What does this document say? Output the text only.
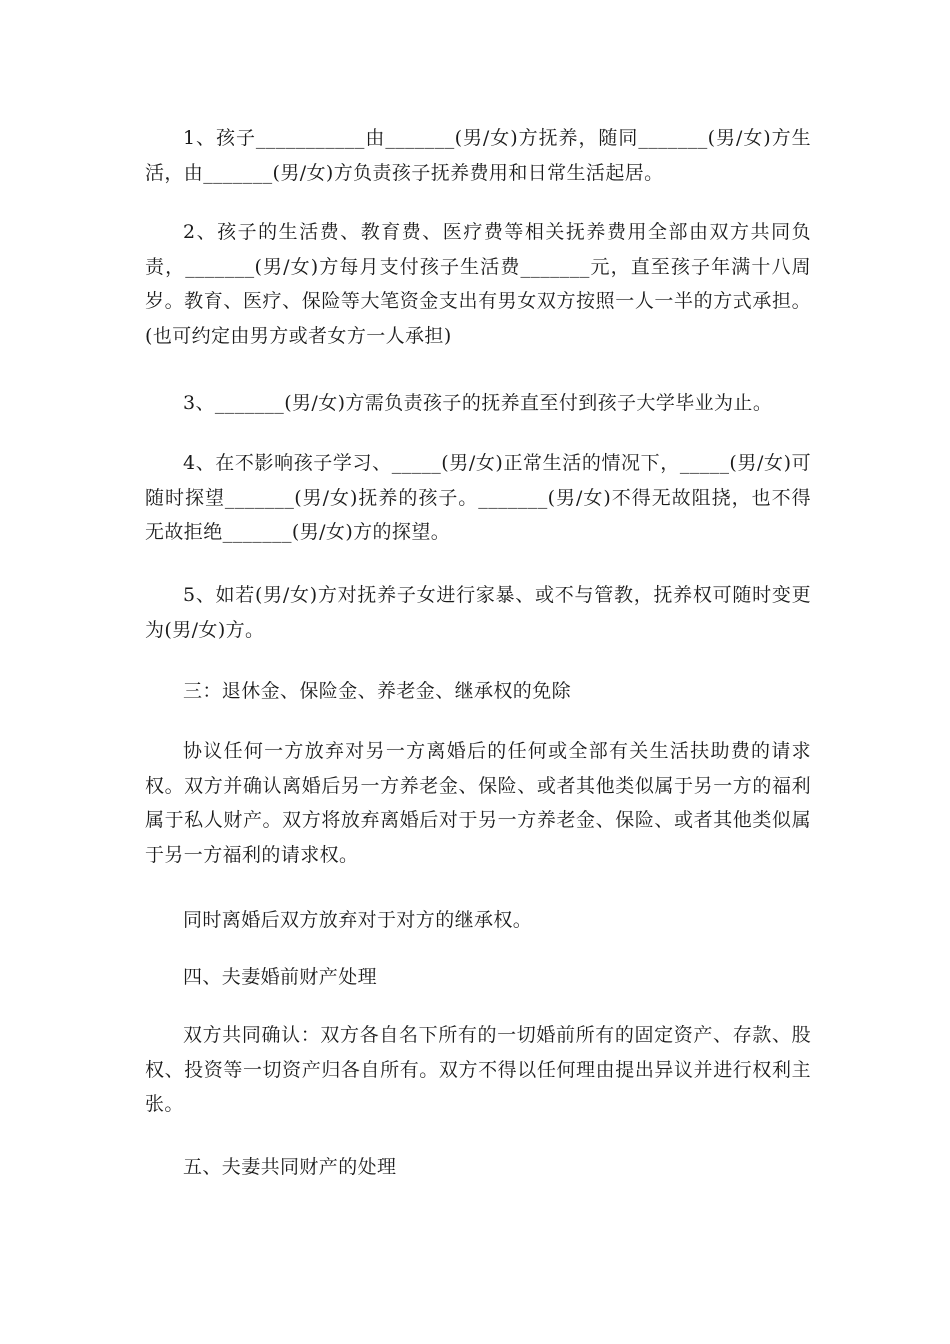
1、孩子___________由_______(男/女)方抚养，随同_______(男/女)方生活，由_______(男/女)方负责孩子抚养费用和日常生活起居。

2、孩子的生活费、教育费、医疗费等相关抚养费用全部由双方共同负责，_______(男/女)方每月支付孩子生活费_______元，直至孩子年满十八周岁。教育、医疗、保险等大笔资金支出有男女双方按照一人一半的方式承担。(也可约定由男方或者女方一人承担)

3、_______(男/女)方需负责孩子的抚养直至付到孩子大学毕业为止。

4、在不影响孩子学习、_____(男/女)正常生活的情况下，_____(男/女)可随时探望_______(男/女)抚养的孩子。_______(男/女)不得无故阻挠，也不得无故拒绝_______(男/女)方的探望。

5、如若(男/女)方对抚养子女进行家暴、或不与管教，抚养权可随时变更为(男/女)方。

三：退休金、保险金、养老金、继承权的免除

协议任何一方放弃对另一方离婚后的任何或全部有关生活扶助费的请求权。双方并确认离婚后另一方养老金、保险、或者其他类似属于另一方的福利属于私人财产。双方将放弃离婚后对于另一方养老金、保险、或者其他类似属于另一方福利的请求权。

同时离婚后双方放弃对于对方的继承权。

四、夫妻婚前财产处理

双方共同确认：双方各自名下所有的一切婚前所有的固定资产、存款、股权、投资等一切资产归各自所有。双方不得以任何理由提出异议并进行权利主张。

五、夫妻共同财产的处理
